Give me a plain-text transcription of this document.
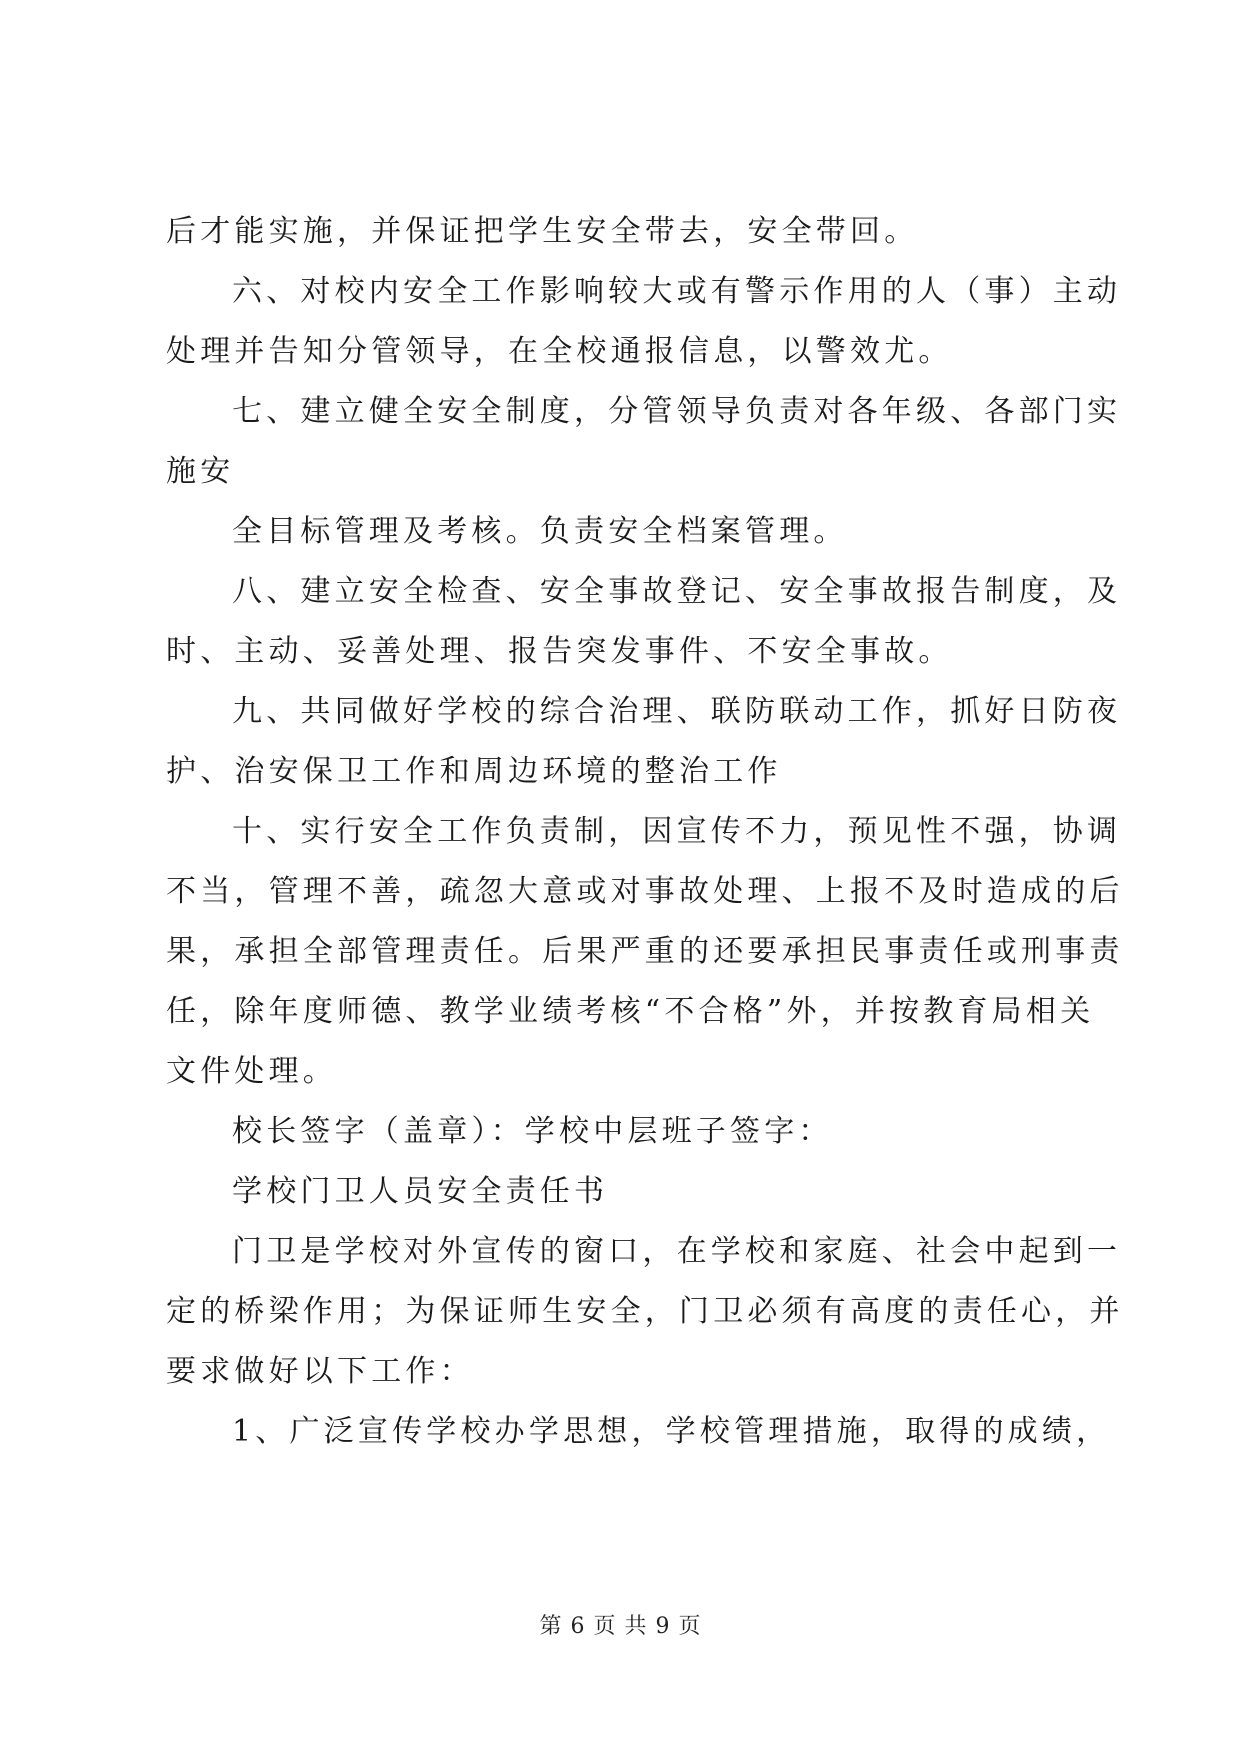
后才能实施，并保证把学生安全带去，安全带回。
六、对校内安全工作影响较大或有警示作用的人（事）主动
处理并告知分管领导，在全校通报信息，以警效尤。
七、建立健全安全制度，分管领导负责对各年级、各部门实
施安
全目标管理及考核。负责安全档案管理。
八、建立安全检查、安全事故登记、安全事故报告制度，及
时、主动、妥善处理、报告突发事件、不安全事故。
九、共同做好学校的综合治理、联防联动工作，抓好日防夜
护、治安保卫工作和周边环境的整治工作
十、实行安全工作负责制，因宣传不力，预见性不强，协调
不当，管理不善，疏忽大意或对事故处理、上报不及时造成的后
果，承担全部管理责任。后果严重的还要承担民事责任或刑事责
任，除年度师德、教学业绩考核“不合格”外，并按教育局相关
文件处理。
校长签字（盖章）：学校中层班子签字：
学校门卫人员安全责任书
门卫是学校对外宣传的窗口，在学校和家庭、社会中起到一
定的桥梁作用；为保证师生安全，门卫必须有高度的责任心，并
要求做好以下工作：
1、广泛宣传学校办学思想，学校管理措施，取得的成绩，
第 6 页 共 9 页
